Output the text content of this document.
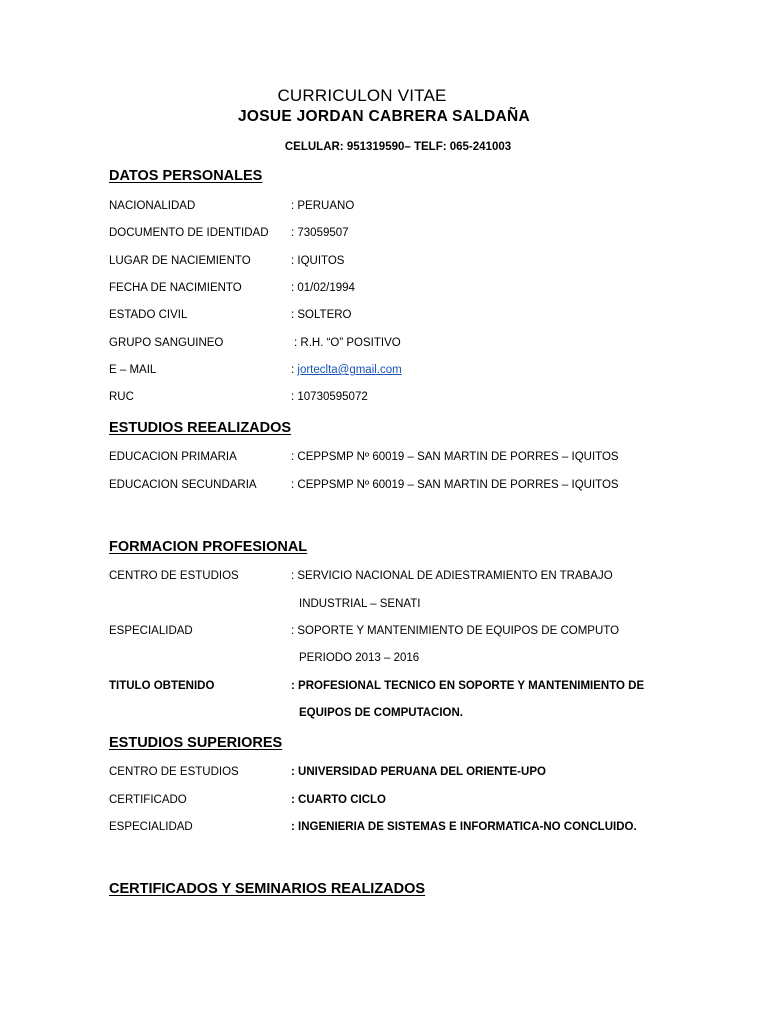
CURRICULON VITAE
JOSUE JORDAN CABRERA SALDAÑA
CELULAR: 951319590– TELF: 065-241003
DATOS PERSONALES
NACIONALIDAD	: PERUANO
DOCUMENTO DE IDENTIDAD : 73059507
LUGAR DE NACIEMIENTO	: IQUITOS
FECHA DE NACIMIENTO	: 01/02/1994
ESTADO CIVIL	: SOLTERO
GRUPO SANGUINEO	: R.H. “O” POSITIVO
E – MAIL	: jorteclta@gmail.com
RUC	: 10730595072
ESTUDIOS REEALIZADOS
EDUCACION PRIMARIA	: CEPPSMP Nº 60019 – SAN MARTIN DE PORRES – IQUITOS
EDUCACION SECUNDARIA	: CEPPSMP Nº 60019 – SAN MARTIN DE PORRES – IQUITOS
FORMACION PROFESIONAL
CENTRO DE ESTUDIOS	: SERVICIO NACIONAL DE ADIESTRAMIENTO EN TRABAJO
INDUSTRIAL – SENATI
ESPECIALIDAD	: SOPORTE Y MANTENIMIENTO DE EQUIPOS DE COMPUTO
PERIODO 2013 – 2016
TITULO OBTENIDO	: PROFESIONAL TECNICO EN SOPORTE Y MANTENIMIENTO DE
EQUIPOS DE COMPUTACION.
ESTUDIOS SUPERIORES
CENTRO DE ESTUDIOS	: UNIVERSIDAD PERUANA DEL ORIENTE-UPO
CERTIFICADO	: CUARTO CICLO
ESPECIALIDAD	: INGENIERIA DE SISTEMAS E INFORMATICA-NO CONCLUIDO.
CERTIFICADOS Y SEMINARIOS REALIZADOS
